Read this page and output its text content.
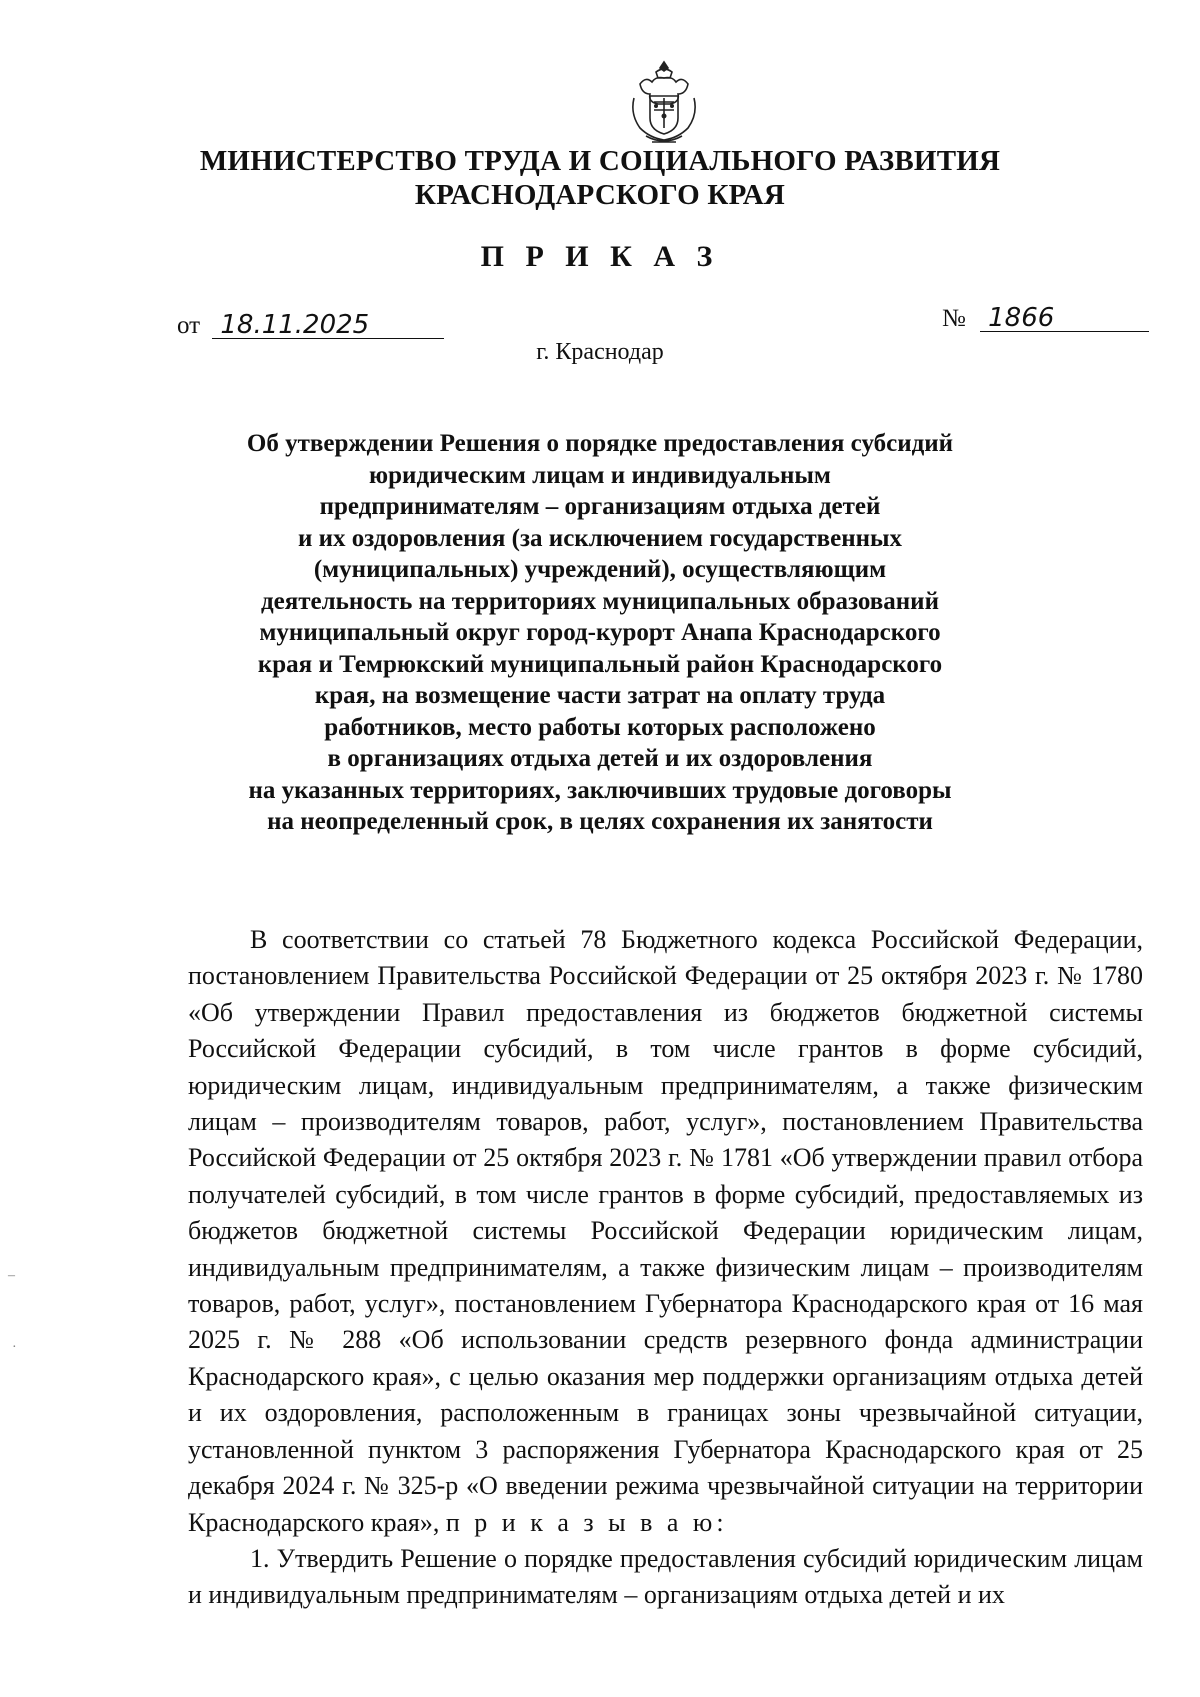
МИНИСТЕРСТВО ТРУДА И СОЦИАЛЬНОГО РАЗВИТИЯ
КРАСНОДАРСКОГО КРАЯ
П Р И К А З
от 18.11.2025	№ 1866
г. Краснодар
Об утверждении Решения о порядке предоставления субсидий
юридическим лицам и индивидуальным
предпринимателям – организациям отдыха детей
и их оздоровления (за исключением государственных
(муниципальных) учреждений), осуществляющим
деятельность на территориях муниципальных образований
муниципальный округ город-курорт Анапа Краснодарского
края и Темрюкский муниципальный район Краснодарского
края, на возмещение части затрат на оплату труда
работников, место работы которых расположено
в организациях отдыха детей и их оздоровления
на указанных территориях, заключивших трудовые договоры
на неопределенный срок, в целях сохранения их занятости

В соответствии со статьей 78 Бюджетного кодекса Российской Федерации, постановлением Правительства Российской Федерации от 25 октября 2023 г. № 1780 «Об утверждении Правил предоставления из бюджетов бюджетной системы Российской Федерации субсидий, в том числе грантов в форме субсидий, юридическим лицам, индивидуальным предпринимателям, а также физическим лицам – производителям товаров, работ, услуг», постановлением Правительства Российской Федерации от 25 октября 2023 г. № 1781 «Об утверждении правил отбора получателей субсидий, в том числе грантов в форме субсидий, предоставляемых из бюджетов бюджетной системы Российской Федерации юридическим лицам, индивидуальным предпринимателям, а также физическим лицам – производителям товаров, работ, услуг», постановлением Губернатора Краснодарского края от 16 мая 2025 г. № 288 «Об использовании средств резервного фонда администрации Краснодарского края», с целью оказания мер поддержки организациям отдыха детей и их оздоровления, расположенным в границах зоны чрезвычайной ситуации, установленной пунктом 3 распоряжения Губернатора Краснодарского края от 25 декабря 2024 г. № 325-р «О введении режима чрезвычайной ситуации на территории Краснодарского края», п р и к а з ы в а ю:

1. Утвердить Решение о порядке предоставления субсидий юридическим лицам и индивидуальным предпринимателям – организациям отдыха детей и их

–
·
